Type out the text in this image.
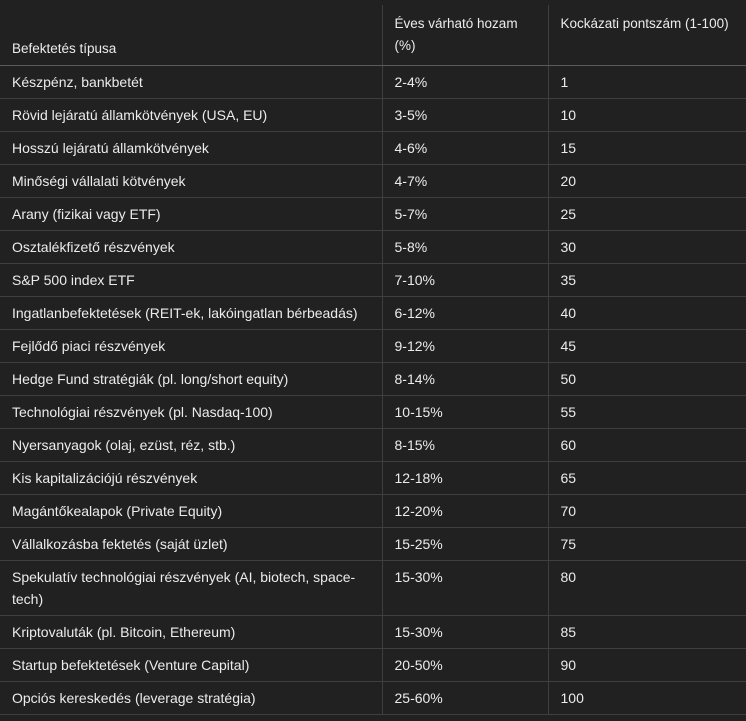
Befektetés típusa	Éves várható hozam (%)	Kockázati pontszám (1-100)
Készpénz, bankbetét	2-4%	1
Rövid lejáratú államkötvények (USA, EU)	3-5%	10
Hosszú lejáratú államkötvények	4-6%	15
Minőségi vállalati kötvények	4-7%	20
Arany (fizikai vagy ETF)	5-7%	25
Osztalékfizető részvények	5-8%	30
S&P 500 index ETF	7-10%	35
Ingatlanbefektetések (REIT-ek, lakóingatlan bérbeadás)	6-12%	40
Fejlődő piaci részvények	9-12%	45
Hedge Fund stratégiák (pl. long/short equity)	8-14%	50
Technológiai részvények (pl. Nasdaq-100)	10-15%	55
Nyersanyagok (olaj, ezüst, réz, stb.)	8-15%	60
Kis kapitalizációjú részvények	12-18%	65
Magántőkealapok (Private Equity)	12-20%	70
Vállalkozásba fektetés (saját üzlet)	15-25%	75
Spekulatív technológiai részvények (AI, biotech, space-tech)	15-30%	80
Kriptovaluták (pl. Bitcoin, Ethereum)	15-30%	85
Startup befektetések (Venture Capital)	20-50%	90
Opciós kereskedés (leverage stratégia)	25-60%	100
